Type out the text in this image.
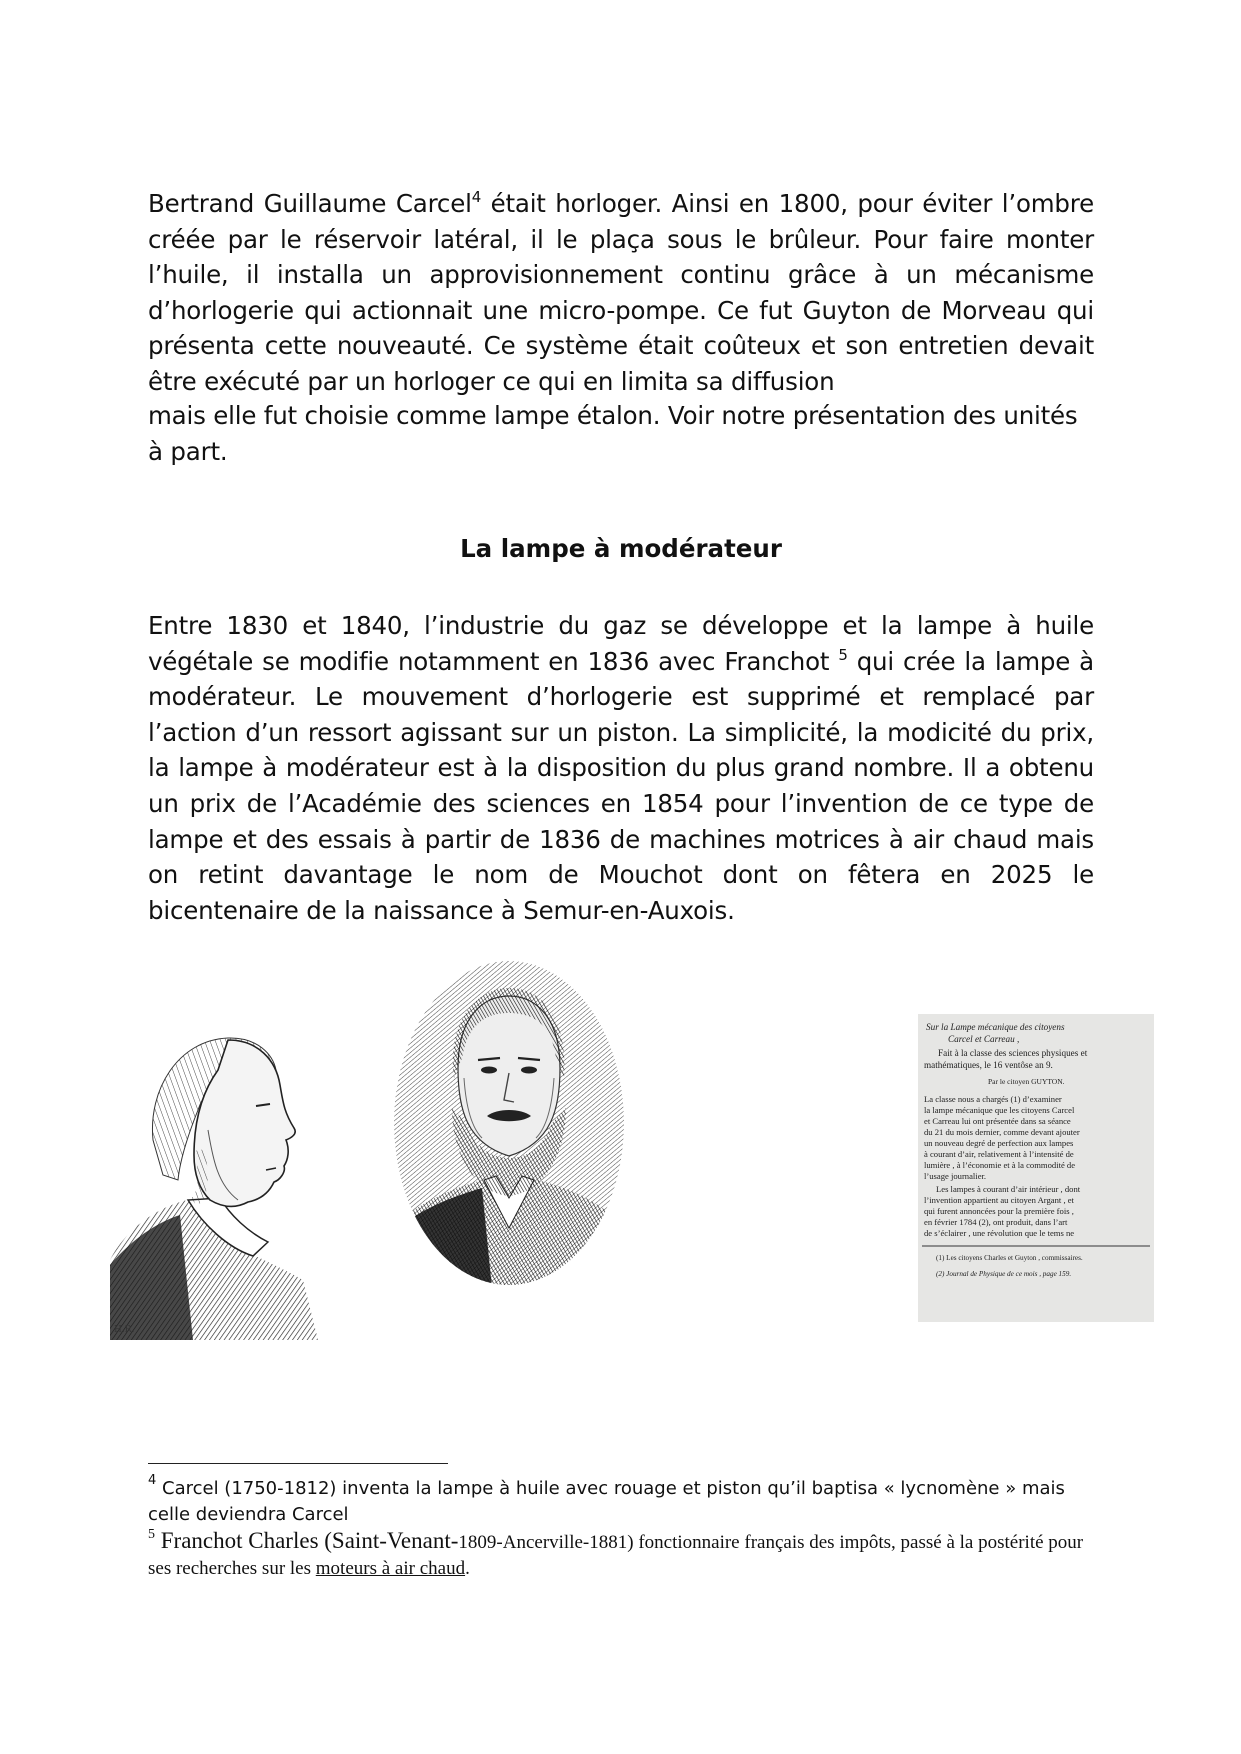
Bertrand Guillaume Carcel$^4$ était horloger. Ainsi en 1800, pour éviter l’ombre créée par le réservoir latéral, il le plaça sous le brûleur. Pour faire monter l’huile, il installa un approvisionnement continu grâce à un mécanisme d’horlogerie qui actionnait une micro-pompe. Ce fut Guyton de Morveau qui présenta cette nouveauté. Ce système était coûteux et son entretien devait être exécuté par un horloger ce qui en limita sa diffusion

mais elle fut choisie comme lampe étalon. Voir notre présentation des unités à part.

La lampe à modérateur

Entre 1830 et 1840, l’industrie du gaz se développe et la lampe à huile végétale se modifie notamment en 1836 avec Franchot $^5$ qui crée la lampe à modérateur. Le mouvement d’horlogerie est supprimé et remplacé par l’action d’un ressort agissant sur un piston. La simplicité, la modicité du prix, la lampe à modérateur est à la disposition du plus grand nombre. Il a obtenu un prix de l’Académie des sciences en 1854 pour l’invention de ce type de lampe et des essais à partir de 1836 de machines motrices à air chaud mais on retint davantage le nom de Mouchot dont on fêtera en 2025 le bicentenaire de la naissance à Semur-en-Auxois.

H.R.
Sur la Lampe mécanique des citoyens
Carcel et Carreau ,
Fait à la classe des sciences physiques et
mathématiques, le 16 ventôse an 9.
Par le citoyen GUYTON.
La classe nous a chargés (1) d’examiner
la lampe mécanique que les citoyens Carcel
et Carreau lui ont présentée dans sa séance
du 21 du mois dernier, comme devant ajouter
un nouveau degré de perfection aux lampes
à courant d’air, relativement à l’intensité de
lumière , à l’économie et à la commodité de
l’usage journalier.
Les lampes à courant d’air intérieur , dont
l’invention appartient au citoyen Argant , et
qui furent annoncées pour la première fois ,
en février 1784 (2), ont produit, dans l’art
de s’éclairer , une révolution que le tems ne
(1) Les citoyens Charles et Guyton , commissaires.
(2) Journal de Physique de ce mois , page 159.

$^4$ Carcel (1750-1812) inventa la lampe à huile avec rouage et piston qu’il baptisa « lycnomène » mais celle deviendra Carcel

$^5$ Franchot Charles (Saint-Venant-1809-Ancerville-1881) fonctionnaire français des impôts, passé à la postérité pour ses recherches sur les moteurs à air chaud.
